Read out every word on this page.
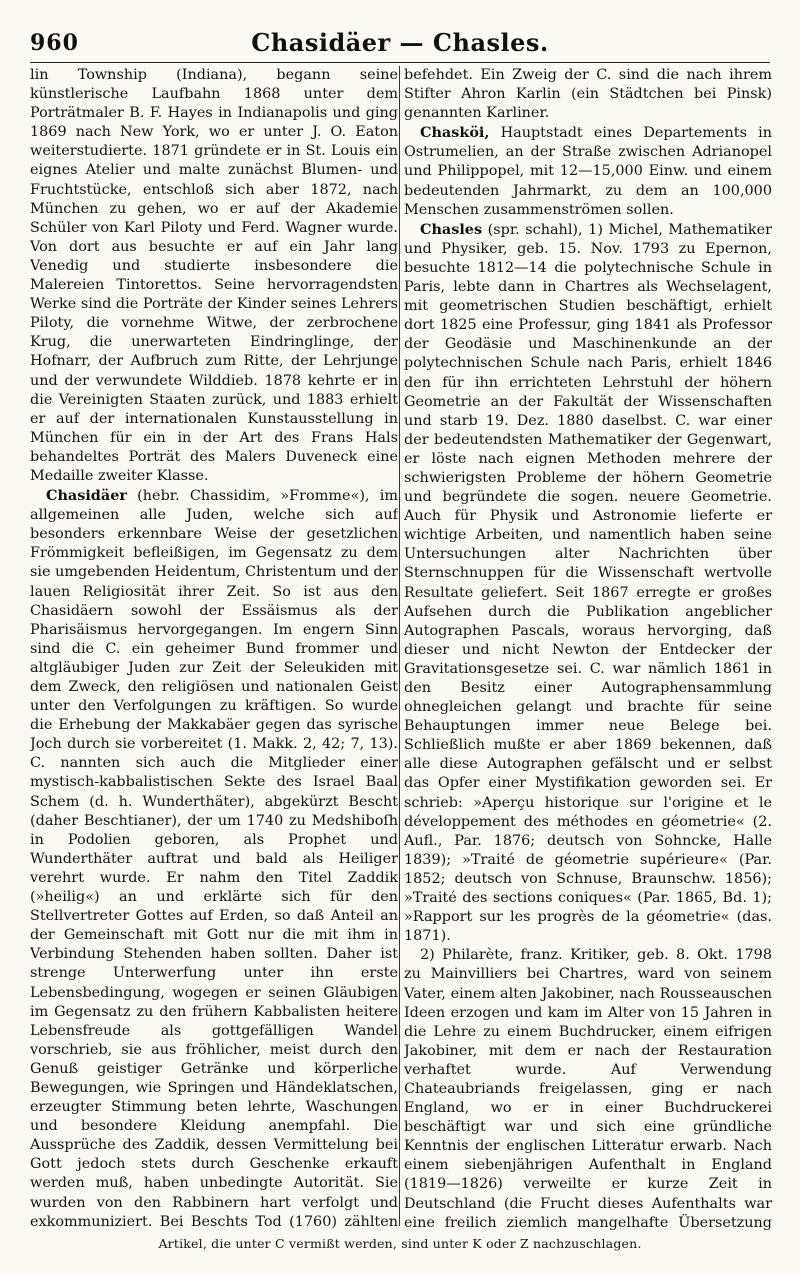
960	Chasidäer — Chasles.

lin Township (Indiana), begann seine künstlerische Laufbahn 1868 unter dem Porträtmaler B. F. Hayes in Indianapolis und ging 1869 nach New York, wo er unter J. O. Eaton weiterstudierte. 1871 gründete er in St. Louis ein eignes Atelier und malte zunächst Blumen- und Fruchtstücke, entschloß sich aber 1872, nach München zu gehen, wo er auf der Akademie Schüler von Karl Piloty und Ferd. Wagner wurde. Von dort aus besuchte er auf ein Jahr lang Venedig und studierte insbesondere die Malereien Tintorettos. Seine hervorragendsten Werke sind die Porträte der Kinder seines Lehrers Piloty, die vornehme Witwe, der zerbrochene Krug, die unerwarteten Eindringlinge, der Hofnarr, der Aufbruch zum Ritte, der Lehrjunge und der verwundete Wilddieb. 1878 kehrte er in die Vereinigten Staaten zurück, und 1883 erhielt er auf der internationalen Kunstausstellung in München für ein in der Art des Frans Hals behandeltes Porträt des Malers Duveneck eine Medaille zweiter Klasse.

Chasidäer (hebr. Chassidim, »Fromme«), im allgemeinen alle Juden, welche sich auf besonders erkennbare Weise der gesetzlichen Frömmigkeit befleißigen, im Gegensatz zu dem sie umgebenden Heidentum, Christentum und der lauen Religiosität ihrer Zeit. So ist aus den Chasidäern sowohl der Essäismus als der Pharisäismus hervorgegangen. Im engern Sinn sind die C. ein geheimer Bund frommer und altgläubiger Juden zur Zeit der Seleukiden mit dem Zweck, den religiösen und nationalen Geist unter den Verfolgungen zu kräftigen. So wurde die Erhebung der Makkabäer gegen das syrische Joch durch sie vorbereitet (1. Makk. 2, 42; 7, 13). C. nannten sich auch die Mitglieder einer mystisch-kabbalistischen Sekte des Israel Baal Schem (d. h. Wunderthäter), abgekürzt Bescht (daher Beschtianer), der um 1740 zu Medshiboſh in Podolien geboren, als Prophet und Wunderthäter auftrat und bald als Heiliger verehrt wurde. Er nahm den Titel Zaddik (»heilig«) an und erklärte sich für den Stellvertreter Gottes auf Erden, so daß Anteil an der Gemeinschaft mit Gott nur die mit ihm in Verbindung Stehenden haben sollten. Daher ist strenge Unterwerfung unter ihn erste Lebensbedingung, wogegen er seinen Gläubigen im Gegensatz zu den frühern Kabbalisten heitere Lebensfreude als gottgefälligen Wandel vorschrieb, sie aus fröhlicher, meist durch den Genuß geistiger Getränke und körperliche Bewegungen, wie Springen und Händeklatschen, erzeugter Stimmung beten lehrte, Waschungen und besondere Kleidung anempfahl. Die Aussprüche des Zaddik, dessen Vermittelung bei Gott jedoch stets durch Geschenke erkauft werden muß, haben unbedingte Autorität. Sie wurden von den Rabbinern hart verfolgt und exkommuniziert. Bei Beschts Tod (1760) zählten

befehdet. Ein Zweig der C. sind die nach ihrem Stifter Ahron Karlin (ein Städtchen bei Pinsk) genannten Karliner.

Chasköi, Hauptstadt eines Departements in Ostrumelien, an der Straße zwischen Adrianopel und Philippopel, mit 12—15,000 Einw. und einem bedeutenden Jahrmarkt, zu dem an 100,000 Menschen zusammenströmen sollen.

Chasles (spr. schahl), 1) Michel, Mathematiker und Physiker, geb. 15. Nov. 1793 zu Epernon, besuchte 1812—14 die polytechnische Schule in Paris, lebte dann in Chartres als Wechselagent, mit geometrischen Studien beschäftigt, erhielt dort 1825 eine Professur, ging 1841 als Professor der Geodäsie und Maschinenkunde an der polytechnischen Schule nach Paris, erhielt 1846 den für ihn errichteten Lehrstuhl der höhern Geometrie an der Fakultät der Wissenschaften und starb 19. Dez. 1880 daselbst. C. war einer der bedeutendsten Mathematiker der Gegenwart, er löste nach eignen Methoden mehrere der schwierigsten Probleme der höhern Geometrie und begründete die sogen. neuere Geometrie. Auch für Physik und Astronomie lieferte er wichtige Arbeiten, und namentlich haben seine Untersuchungen alter Nachrichten über Sternschnuppen für die Wissenschaft wertvolle Resultate geliefert. Seit 1867 erregte er großes Aufsehen durch die Publikation angeblicher Autographen Pascals, woraus hervorging, daß dieser und nicht Newton der Entdecker der Gravitationsgesetze sei. C. war nämlich 1861 in den Besitz einer Autographensammlung ohnegleichen gelangt und brachte für seine Behauptungen immer neue Belege bei. Schließlich mußte er aber 1869 bekennen, daß alle diese Autographen gefälscht und er selbst das Opfer einer Mystifikation geworden sei. Er schrieb: »Aperçu historique sur l'origine et le développement des méthodes en géometrie« (2. Aufl., Par. 1876; deutsch von Sohncke, Halle 1839); »Traité de géometrie supérieure« (Par. 1852; deutsch von Schnuse, Braunschw. 1856); »Traité des sections coniques« (Par. 1865, Bd. 1); »Rapport sur les progrès de la géometrie« (das. 1871).

2) Philarète, franz. Kritiker, geb. 8. Okt. 1798 zu Mainvilliers bei Chartres, ward von seinem Vater, einem alten Jakobiner, nach Rousseauschen Ideen erzogen und kam im Alter von 15 Jahren in die Lehre zu einem Buchdrucker, einem eifrigen Jakobiner, mit dem er nach der Restauration verhaftet wurde. Auf Verwendung Chateaubriands freigelassen, ging er nach England, wo er in einer Buchdruckerei beschäftigt war und sich eine gründliche Kenntnis der englischen Litteratur erwarb. Nach einem siebenjährigen Aufenthalt in England (1819—1826) verweilte er kurze Zeit in Deutschland (die Frucht dieses Aufenthalts war eine freilich ziemlich mangelhafte Übersetzung

Artikel, die unter C vermißt werden, sind unter K oder Z nachzuschlagen.
